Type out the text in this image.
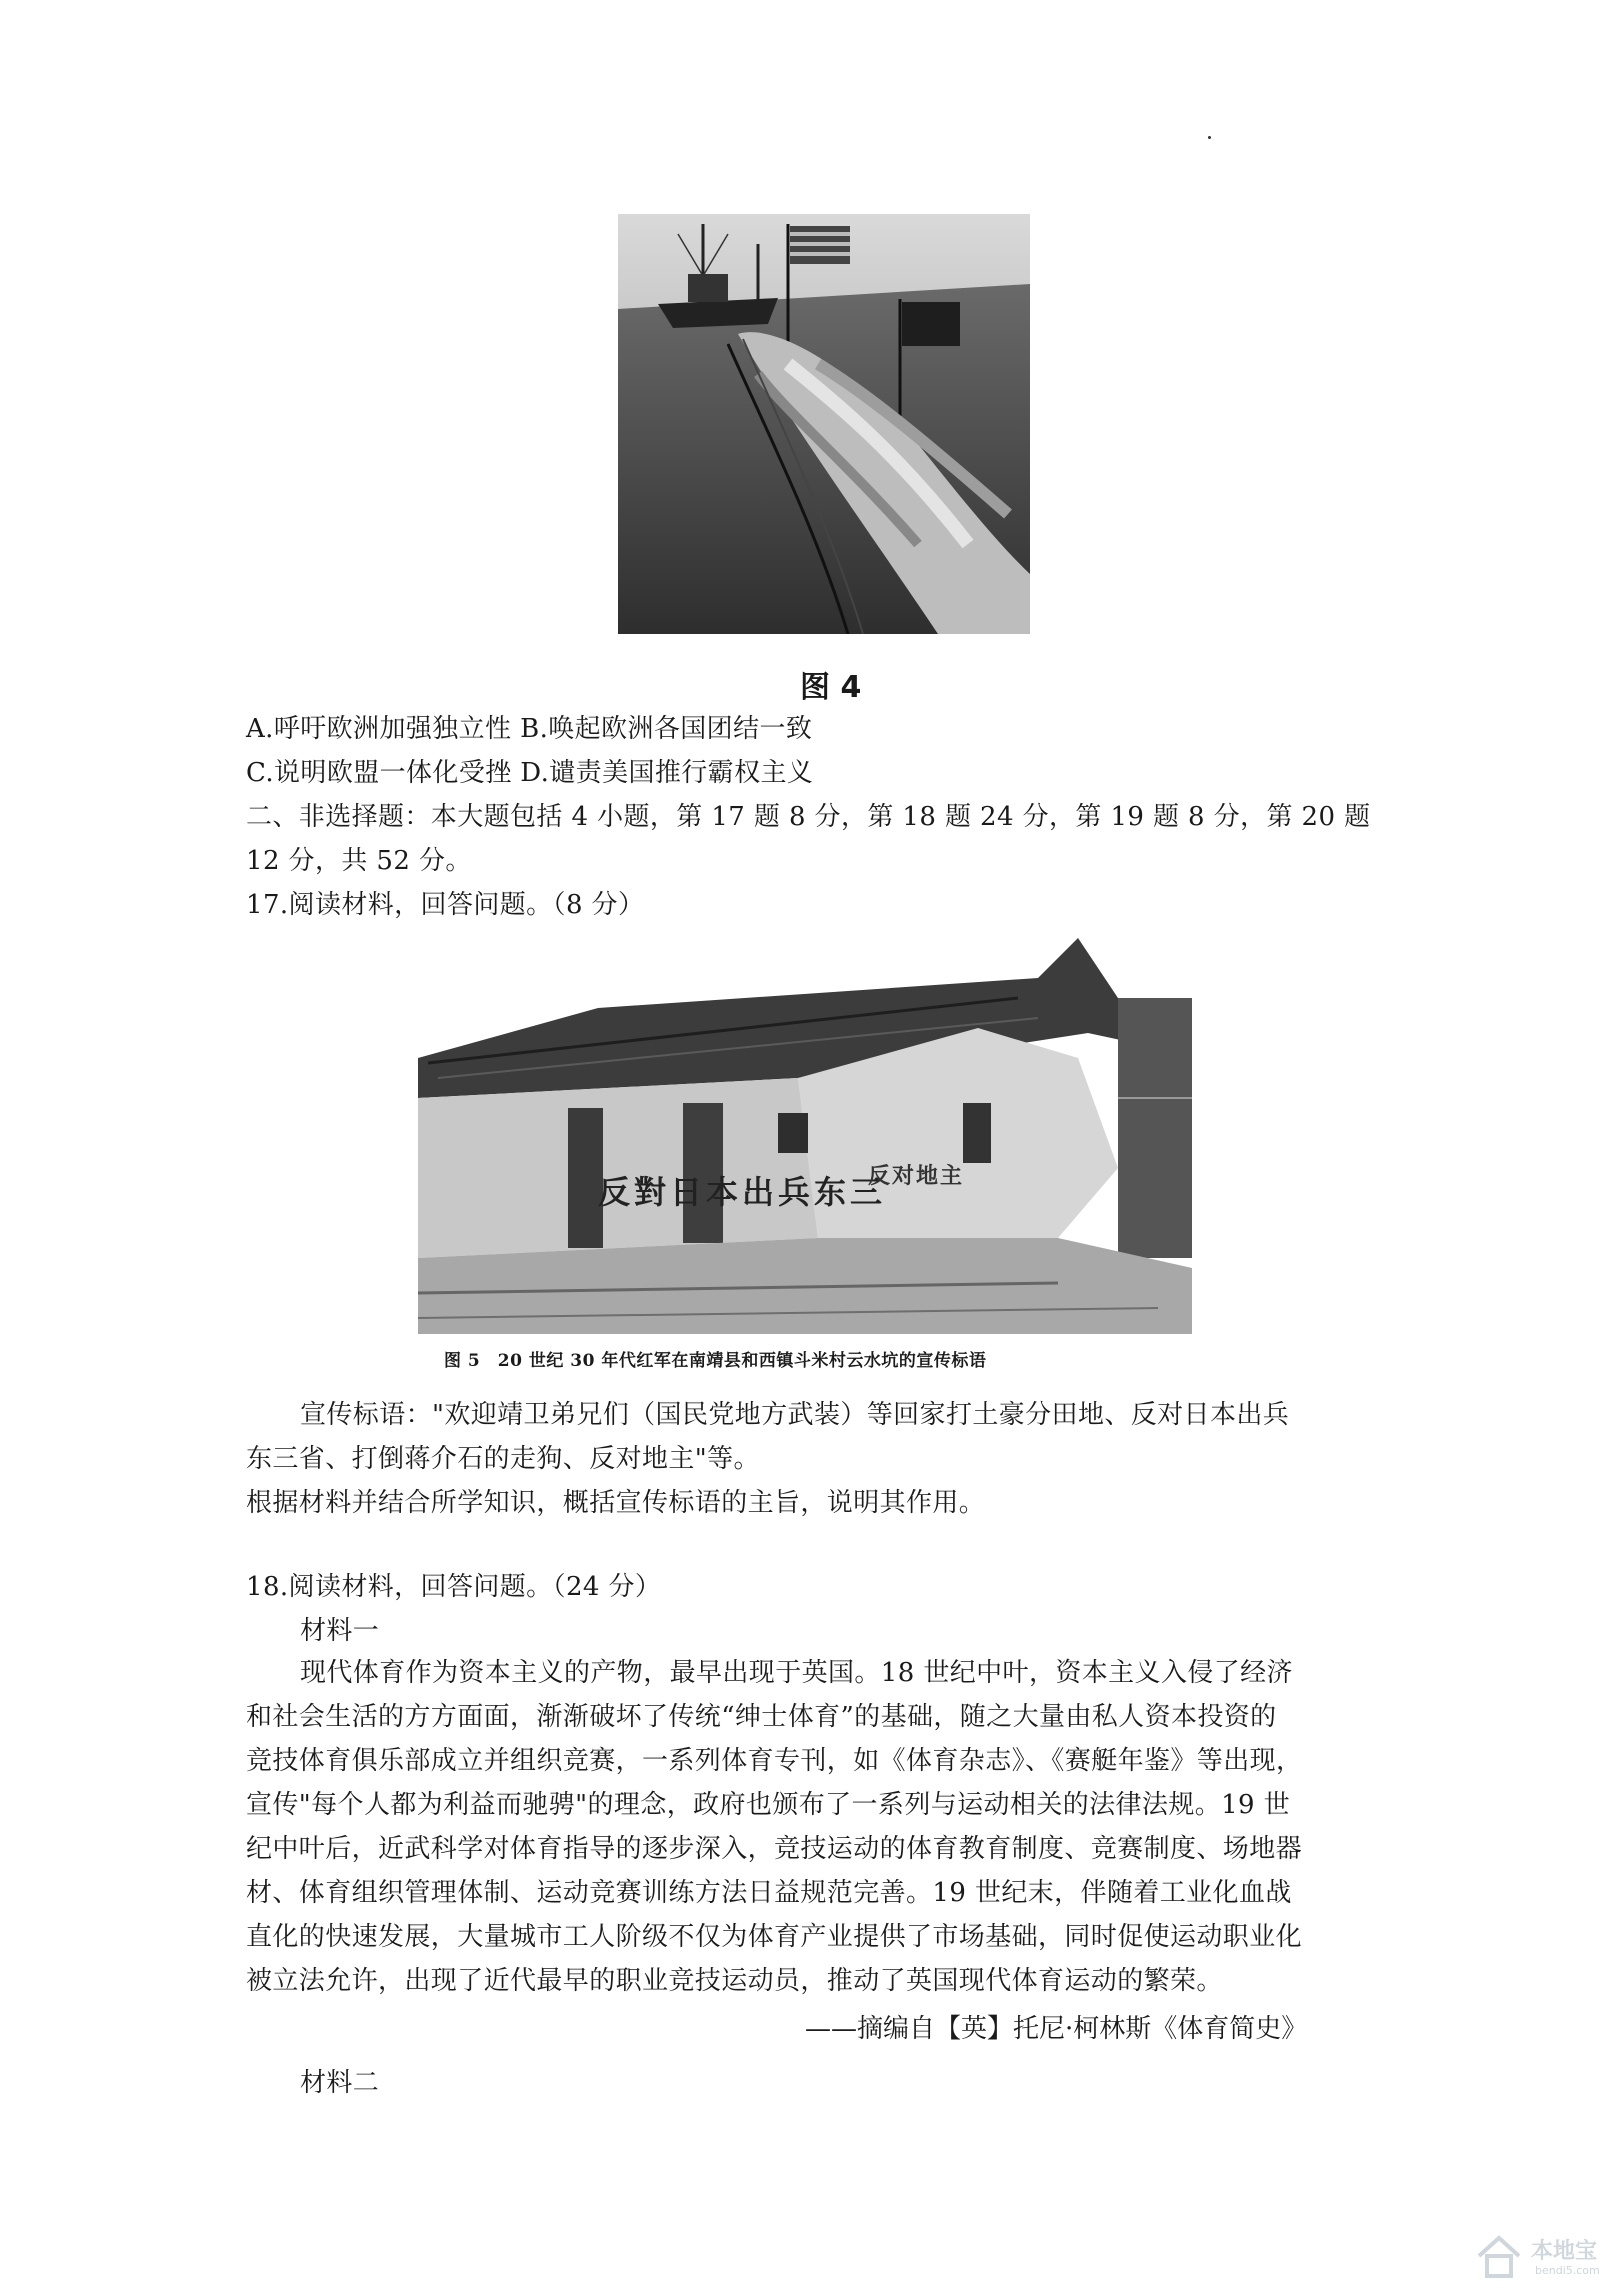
图 4
A.呼吁欧洲加强独立性 B.唤起欧洲各国团结一致
C.说明欧盟一体化受挫 D.谴责美国推行霸权主义
二、非选择题：本大题包括 4 小题，第 17 题 8 分，第 18 题 24 分，第 19 题 8 分，第 20 题
12 分，共 52 分。
17.阅读材料，回答问题。（8 分）
反對日本出兵东三
反对地主
图 5　20 世纪 30 年代红军在南靖县和西镇斗米村云水坑的宣传标语
宣传标语："欢迎靖卫弟兄们（国民党地方武装）等回家打土豪分田地、反对日本出兵
东三省、打倒蒋介石的走狗、反对地主"等。
根据材料并结合所学知识，概括宣传标语的主旨，说明其作用。
18.阅读材料，回答问题。（24 分）
材料一
现代体育作为资本主义的产物，最早出现于英国。18 世纪中叶，资本主义入侵了经济
和社会生活的方方面面，渐渐破坏了传统“绅士体育”的基础，随之大量由私人资本投资的
竞技体育俱乐部成立并组织竞赛，一系列体育专刊，如《体育杂志》、《赛艇年鉴》等出现，
宣传"每个人都为利益而驰骋"的理念，政府也颁布了一系列与运动相关的法律法规。19 世
纪中叶后，近武科学对体育指导的逐步深入，竞技运动的体育教育制度、竞赛制度、场地器
材、体育组织管理体制、运动竞赛训练方法日益规范完善。19 世纪末，伴随着工业化血战
直化的快速发展，大量城市工人阶级不仅为体育产业提供了市场基础，同时促使运动职业化
被立法允许，出现了近代最早的职业竞技运动员，推动了英国现代体育运动的繁荣。
——摘编自【英】托尼·柯林斯《体育简史》
材料二
本地宝
bendi5.com
